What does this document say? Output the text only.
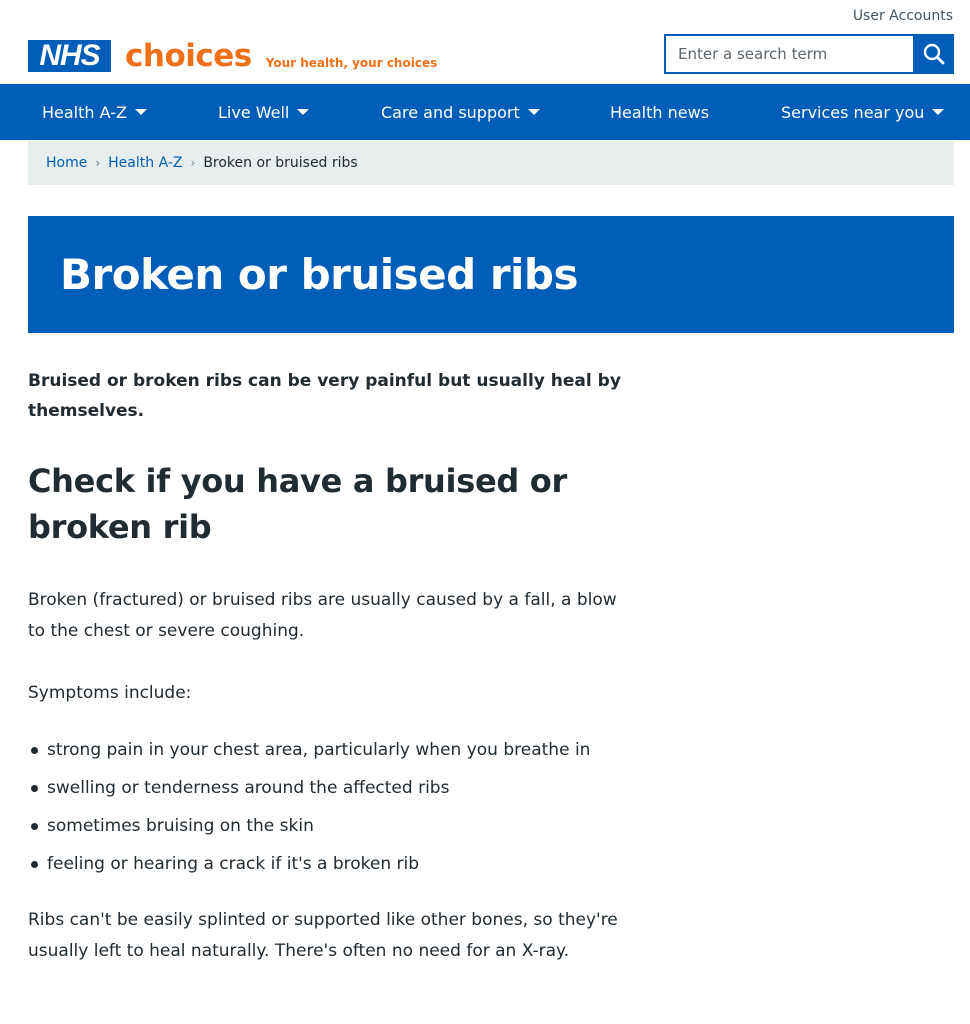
User Accounts
NHS choices Your health, your choices
Enter a search term
Health A-Z	Live Well	Care and support	Health news	Services near you
Home › Health A-Z › Broken or bruised ribs
Broken or bruised ribs

Bruised or broken ribs can be very painful but usually heal by themselves.

Check if you have a bruised or broken rib

Broken (fractured) or bruised ribs are usually caused by a fall, a blow to the chest or severe coughing.

Symptoms include:

strong pain in your chest area, particularly when you breathe in
swelling or tenderness around the affected ribs
sometimes bruising on the skin
feeling or hearing a crack if it's a broken rib

Ribs can't be easily splinted or supported like other bones, so they're usually left to heal naturally. There's often no need for an X-ray.
